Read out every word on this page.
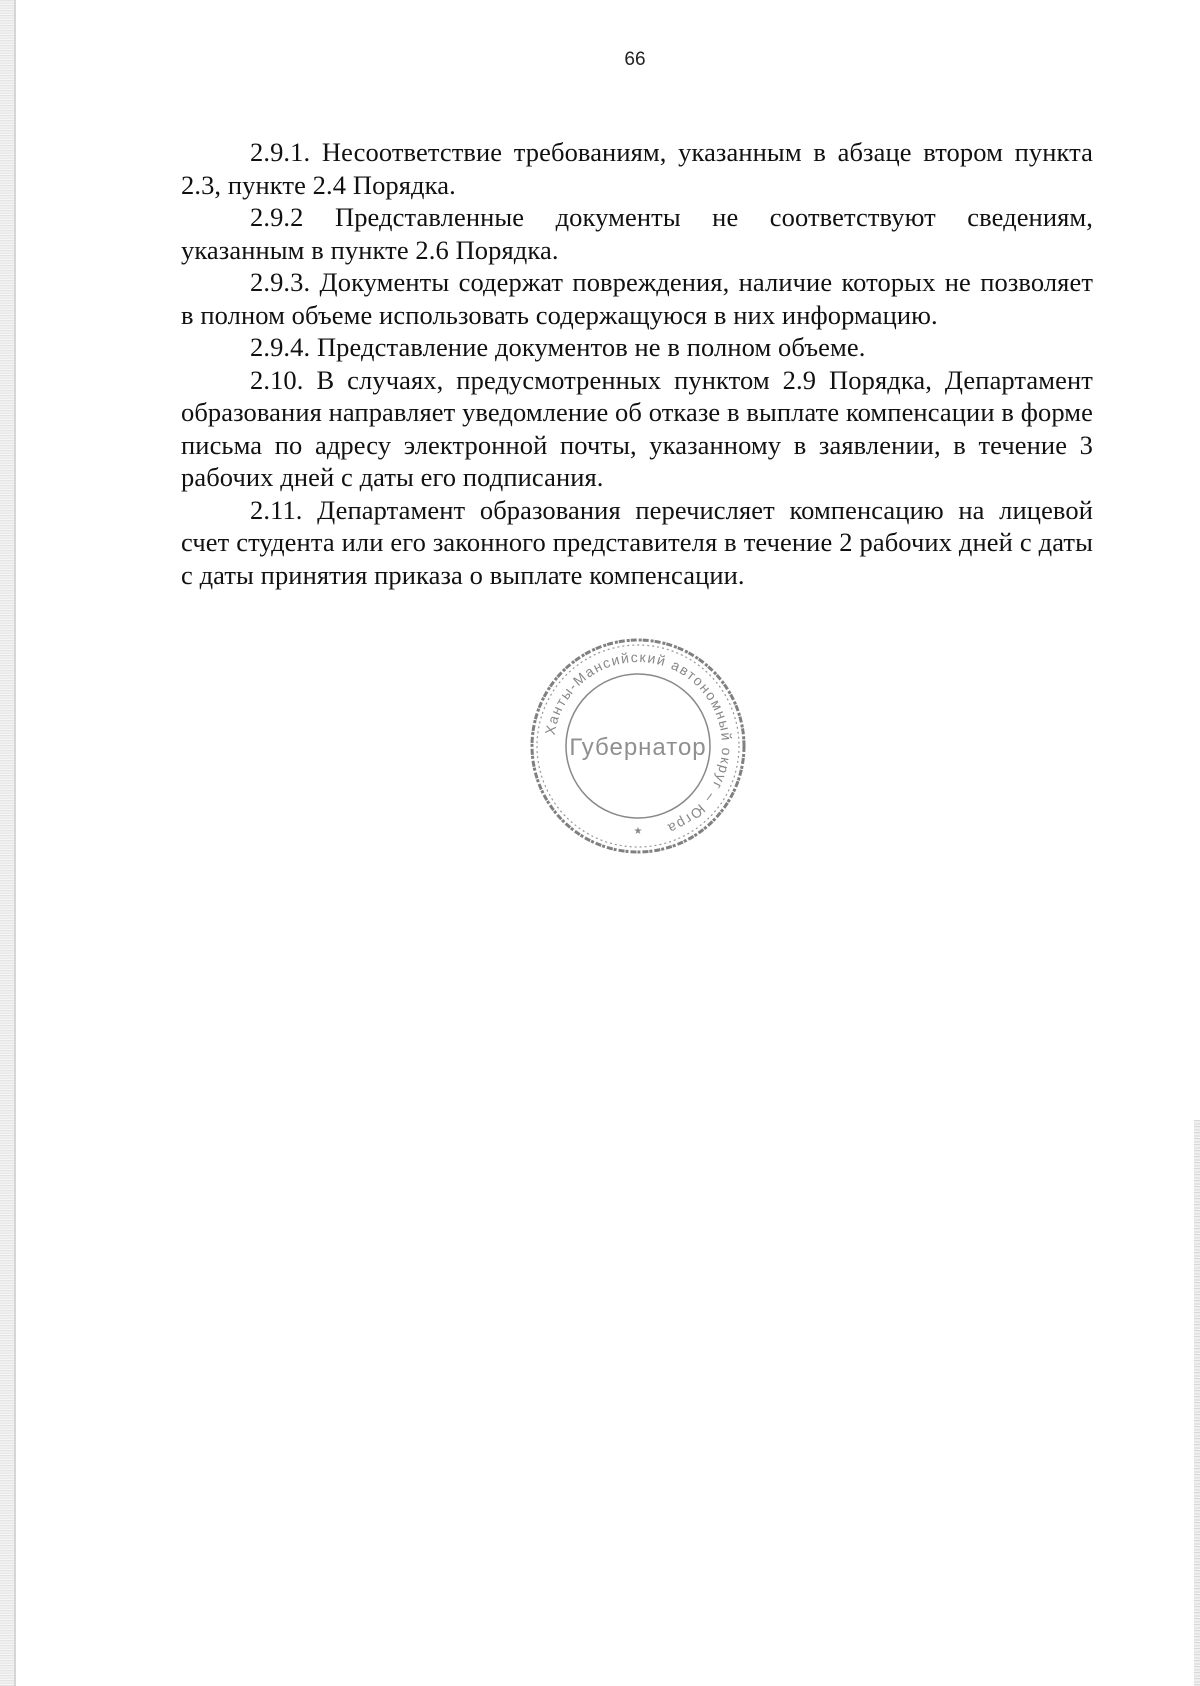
66

2.9.1. Несоответствие требованиям, указанным в абзаце втором пункта 2.3, пункте 2.4 Порядка.

2.9.2 Представленные документы не соответствуют сведениям, указанным в пункте 2.6 Порядка.

2.9.3. Документы содержат повреждения, наличие которых не позволяет в полном объеме использовать содержащуюся в них информацию.

2.9.4. Представление документов не в полном объеме.

2.10. В случаях, предусмотренных пунктом 2.9 Порядка, Департамент образования направляет уведомление об отказе в выплате компенсации в форме письма по адресу электронной почты, указанному в заявлении, в течение 3 рабочих дней с даты его подписания.

2.11. Департамент образования перечисляет компенсацию на лицевой счет студента или его законного представителя в течение 2 рабочих дней с даты с даты принятия приказа о выплате компенсации.

Ханты-Мансийский автономный округ – Югра
Губернатор
★
